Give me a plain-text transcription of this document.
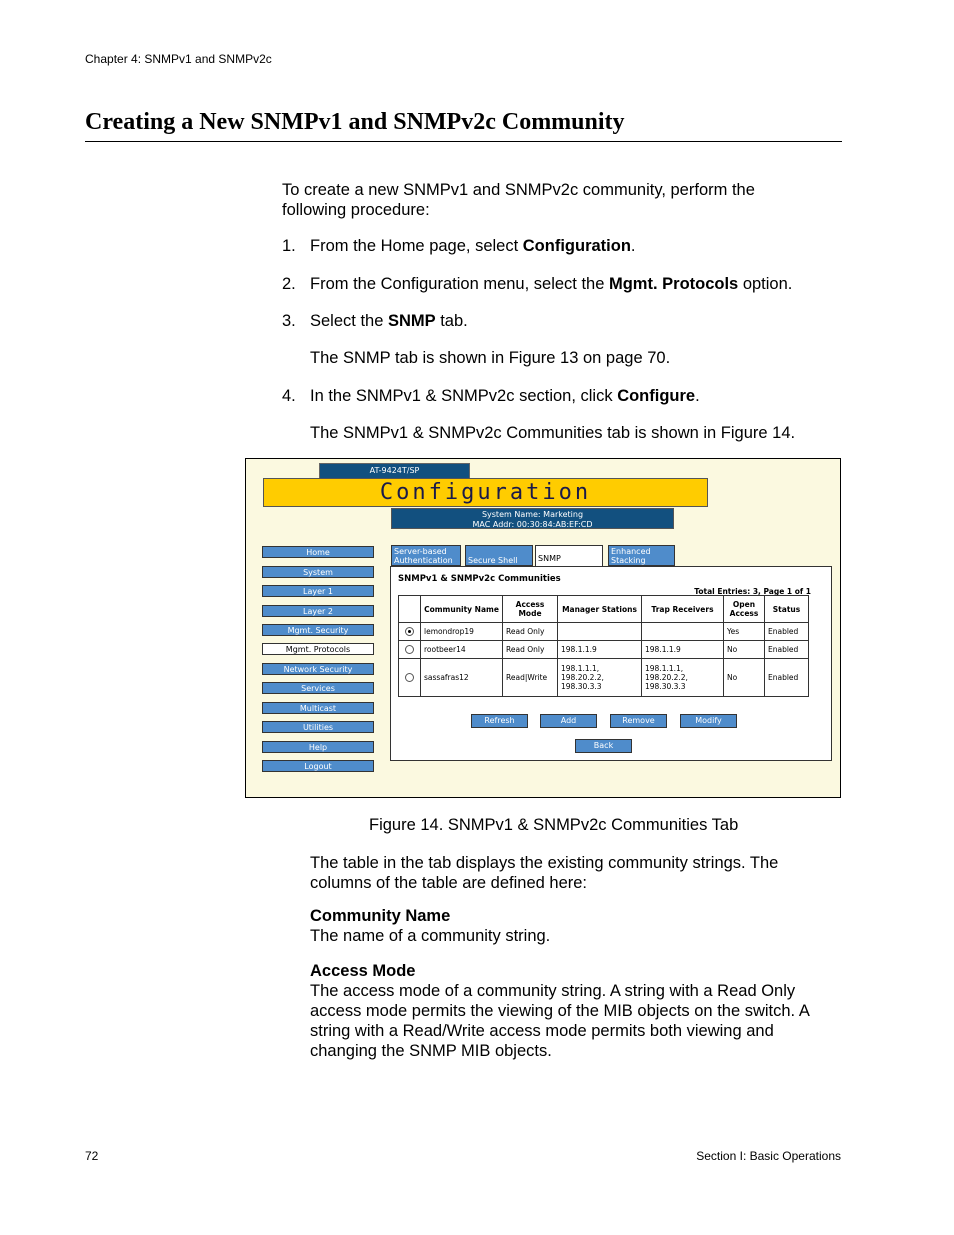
Chapter 4: SNMPv1 and SNMPv2c
Creating a New SNMPv1 and SNMPv2c Community
To create a new SNMPv1 and SNMPv2c community, perform the following procedure:
1. From the Home page, select Configuration.
2. From the Configuration menu, select the Mgmt. Protocols option.
3. Select the SNMP tab.
The SNMP tab is shown in Figure 13 on page 70.
4. In the SNMPv1 & SNMPv2c section, click Configure.
The SNMPv1 & SNMPv2c Communities tab is shown in Figure 14.
AT-9424T/SP
Configuration
System Name: Marketing
MAC Addr: 00:30:84:AB:EF:CD
Home
System
Layer 1
Layer 2
Mgmt. Security
Mgmt. Protocols
Network Security
Services
Multicast
Utilities
Help
Logout
Server-based Authentication	Secure Shell	SNMP
Enhanced Stacking
SNMPv1 & SNMPv2c Communities
Total Entries: 3, Page 1 of 1
	Community Name	Access Mode	Manager Stations	Trap Receivers	Open Access	Status
	lemondrop19	Read Only			Yes	Enabled
	rootbeer14	Read Only	198.1.1.9	198.1.1.9	No	Enabled
	sassafras12	Read|Write	198.1.1.1,
198.20.2.2,
198.30.3.3	198.1.1.1,
198.20.2.2,
198.30.3.3	No	Enabled
Refresh	Add	Remove	Modify
Back
Figure 14. SNMPv1 & SNMPv2c Communities Tab
The table in the tab displays the existing community strings. The columns of the table are defined here:
Community Name
The name of a community string.
Access Mode
The access mode of a community string. A string with a Read Only access mode permits the viewing of the MIB objects on the switch. A string with a Read/Write access mode permits both viewing and changing the SNMP MIB objects.
72	Section I: Basic Operations
